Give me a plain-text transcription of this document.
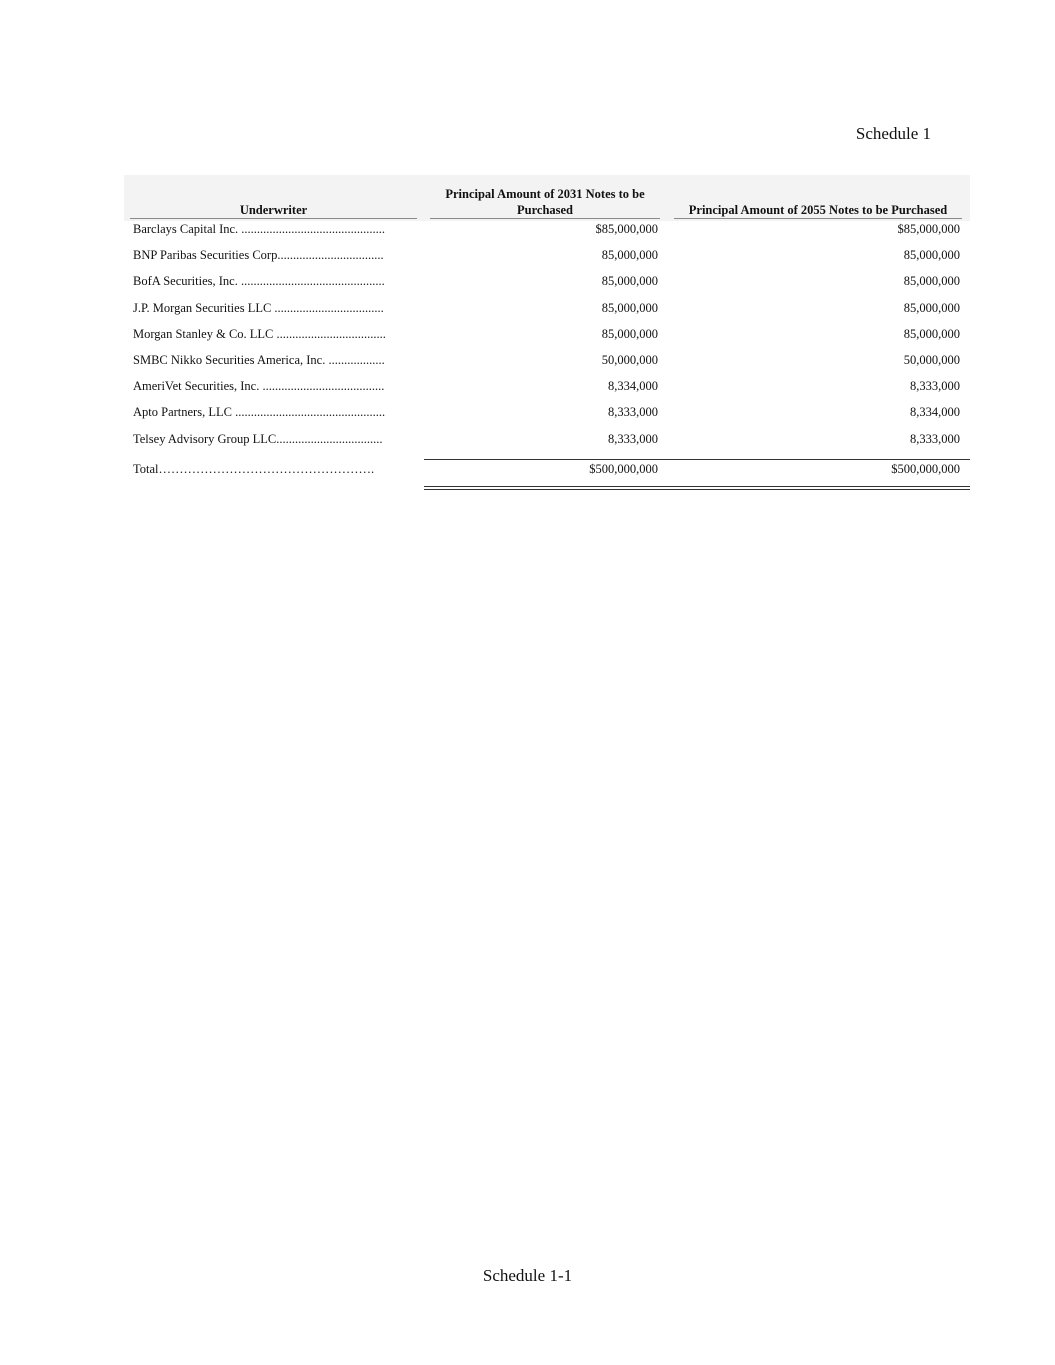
Schedule 1
Underwriter
Principal Amount of 2031 Notes to be Purchased	Principal Amount of 2055 Notes to be Purchased
Barclays Capital Inc. ..............................................	$85,000,000	$85,000,000
BNP Paribas Securities Corp..................................	85,000,000	85,000,000
BofA Securities, Inc. ..............................................	85,000,000	85,000,000
J.P. Morgan Securities LLC ...................................	85,000,000	85,000,000
Morgan Stanley & Co. LLC ...................................	85,000,000	85,000,000
SMBC Nikko Securities America, Inc. ..................	50,000,000	50,000,000
AmeriVet Securities, Inc. .......................................	8,334,000	8,333,000
Apto Partners, LLC ................................................	8,333,000	8,334,000
Telsey Advisory Group LLC..................................	8,333,000	8,333,000
Total…………………………………………….	$500,000,000	$500,000,000
Schedule 1-1
